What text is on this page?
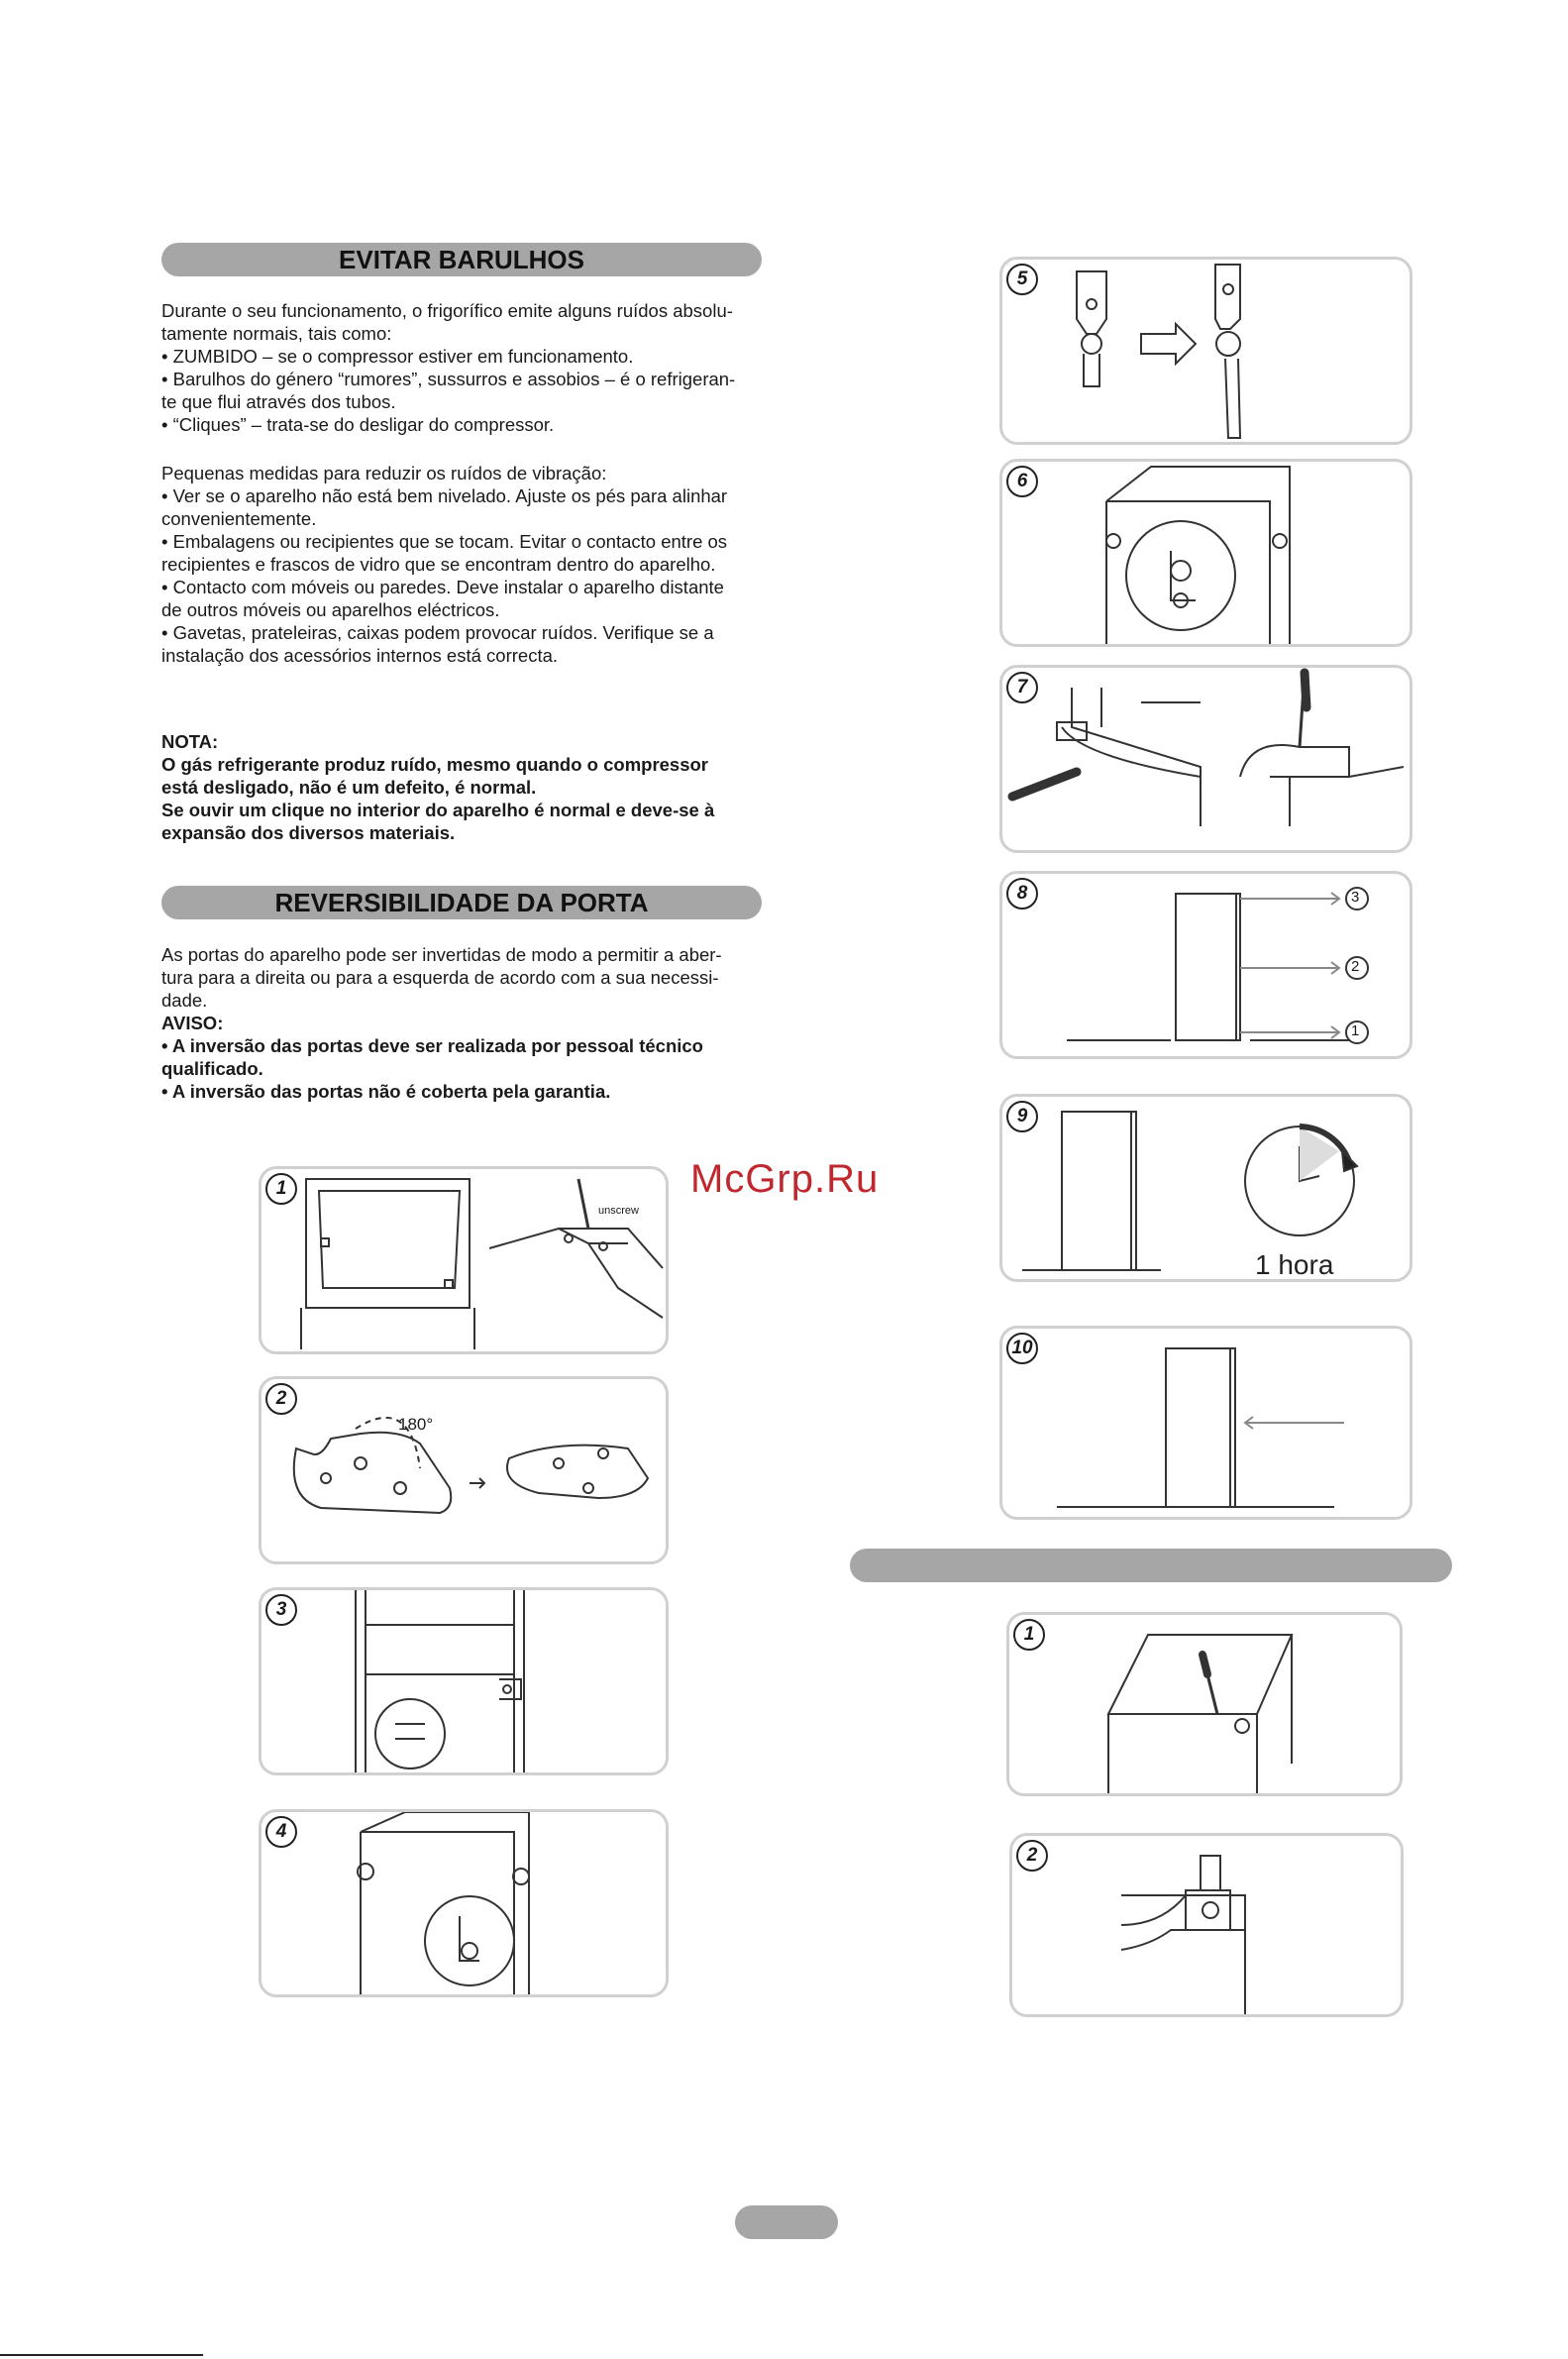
EVITAR BARULHOS

Durante o seu funcionamento, o frigorífico emite alguns ruídos absolu-

tamente normais, tais como:

• ZUMBIDO – se o compressor estiver em funcionamento.

• Barulhos do género “rumores”, sussurros e assobios – é o refrigeran-

te que flui através dos tubos.

• “Cliques” – trata-se do desligar do compressor.

Pequenas medidas para reduzir os ruídos de vibração:

• Ver se o aparelho não está bem nivelado. Ajuste os pés para alinhar

convenientemente.

• Embalagens ou recipientes que se tocam. Evitar o contacto entre os

recipientes e frascos de vidro que se encontram dentro do aparelho.

• Contacto com móveis ou paredes. Deve instalar o aparelho distante

de outros móveis ou aparelhos eléctricos.

• Gavetas, prateleiras, caixas podem provocar ruídos. Verifique se a

instalação dos acessórios internos está correcta.

NOTA:

O gás refrigerante produz ruído, mesmo quando o compressor

está desligado, não é um defeito, é normal.

Se ouvir um clique no interior do aparelho é normal e deve-se à

expansão dos diversos materiais.

REVERSIBILIDADE DA PORTA

As portas do aparelho pode ser invertidas de modo a permitir a aber-

tura para a direita ou para a esquerda de acordo com a sua necessi-

dade.

AVISO:

• A inversão das portas deve ser realizada por pessoal técnico

qualificado.

• A inversão das portas não é coberta pela garantia.

McGrp.Ru
1
unscrew
2
180°
3
4
5
6
7
8	3
2
1
9
1 hora
10
1
2
